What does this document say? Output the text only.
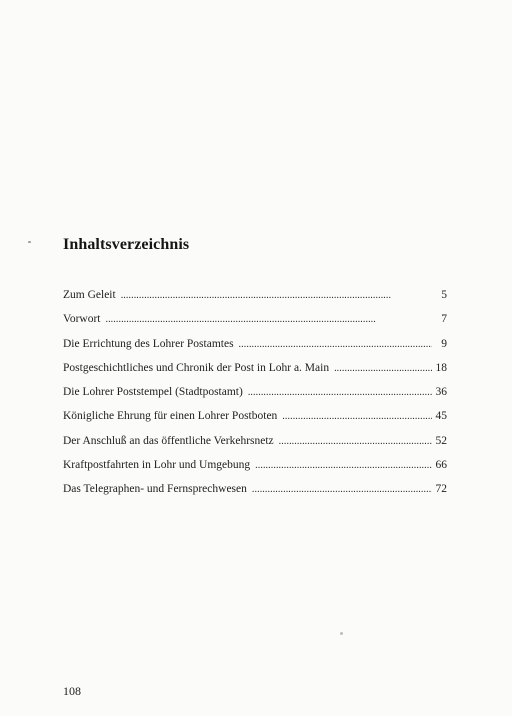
Inhaltsverzeichnis
Zum Geleit . . .	5
Vorwort . . .	7
Die Errichtung des Lohrer Postamtes . . .	9
Postgeschichtliches und Chronik der Post in Lohr a. Main . . .	18
Die Lohrer Poststempel (Stadtpostamt) . . .	36
Königliche Ehrung für einen Lohrer Postboten . . .	45
Der Anschluß an das öffentliche Verkehrsnetz . . .	52
Kraftpostfahrten in Lohr und Umgebung . . .	66
Das Telegraphen- und Fernsprechwesen . . .	72
108
